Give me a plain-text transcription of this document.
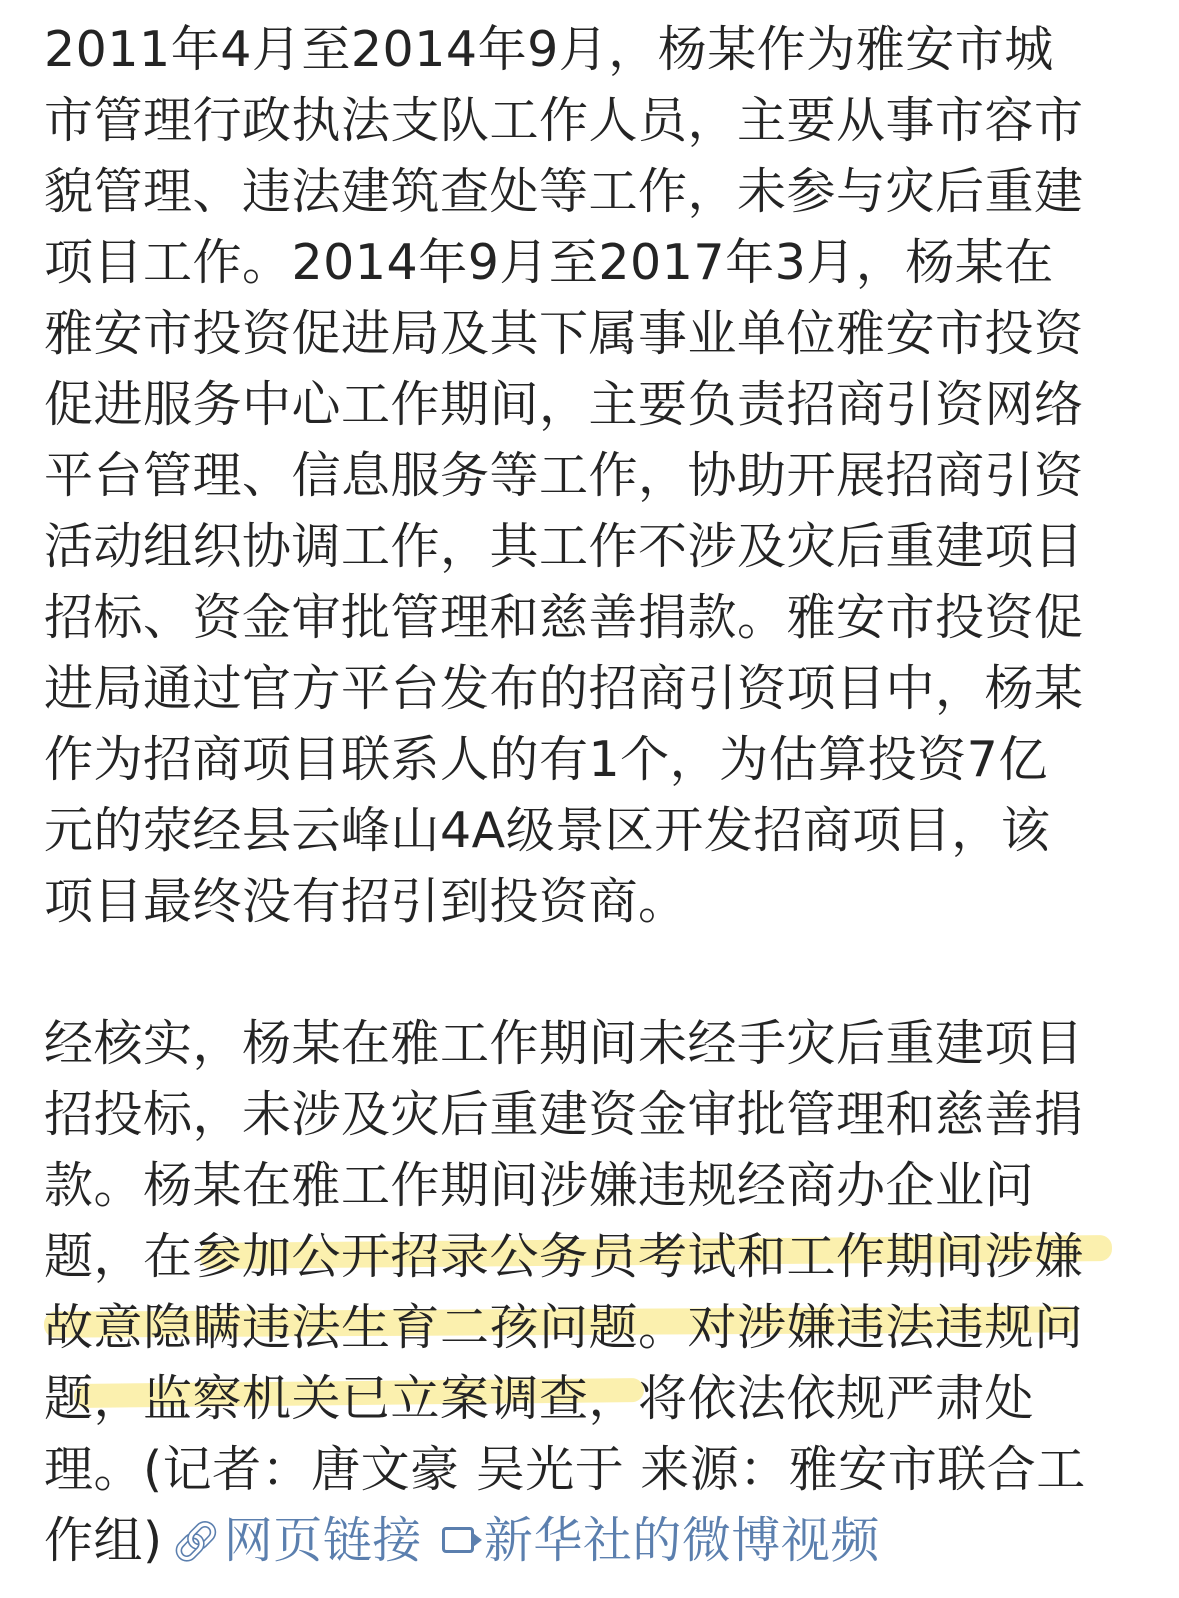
2011年4月至2014年9月，杨某作为雅安市城
市管理行政执法支队工作人员，主要从事市容市
貌管理、违法建筑查处等工作，未参与灾后重建
项目工作。2014年9月至2017年3月，杨某在
雅安市投资促进局及其下属事业单位雅安市投资
促进服务中心工作期间，主要负责招商引资网络
平台管理、信息服务等工作，协助开展招商引资
活动组织协调工作，其工作不涉及灾后重建项目
招标、资金审批管理和慈善捐款。雅安市投资促
进局通过官方平台发布的招商引资项目中，杨某
作为招商项目联系人的有1个，为估算投资7亿
元的荥经县云峰山4A级景区开发招商项目，该
项目最终没有招引到投资商。
经核实，杨某在雅工作期间未经手灾后重建项目
招投标，未涉及灾后重建资金审批管理和慈善捐
款。杨某在雅工作期间涉嫌违规经商办企业问
题，在参加公开招录公务员考试和工作期间涉嫌
故意隐瞒违法生育二孩问题。对涉嫌违法违规问
题，监察机关已立案调查，将依法依规严肃处
理。(记者：唐文豪 吴光于 来源：雅安市联合工
作组) 🔗︎网页链接 新华社的微博视频
